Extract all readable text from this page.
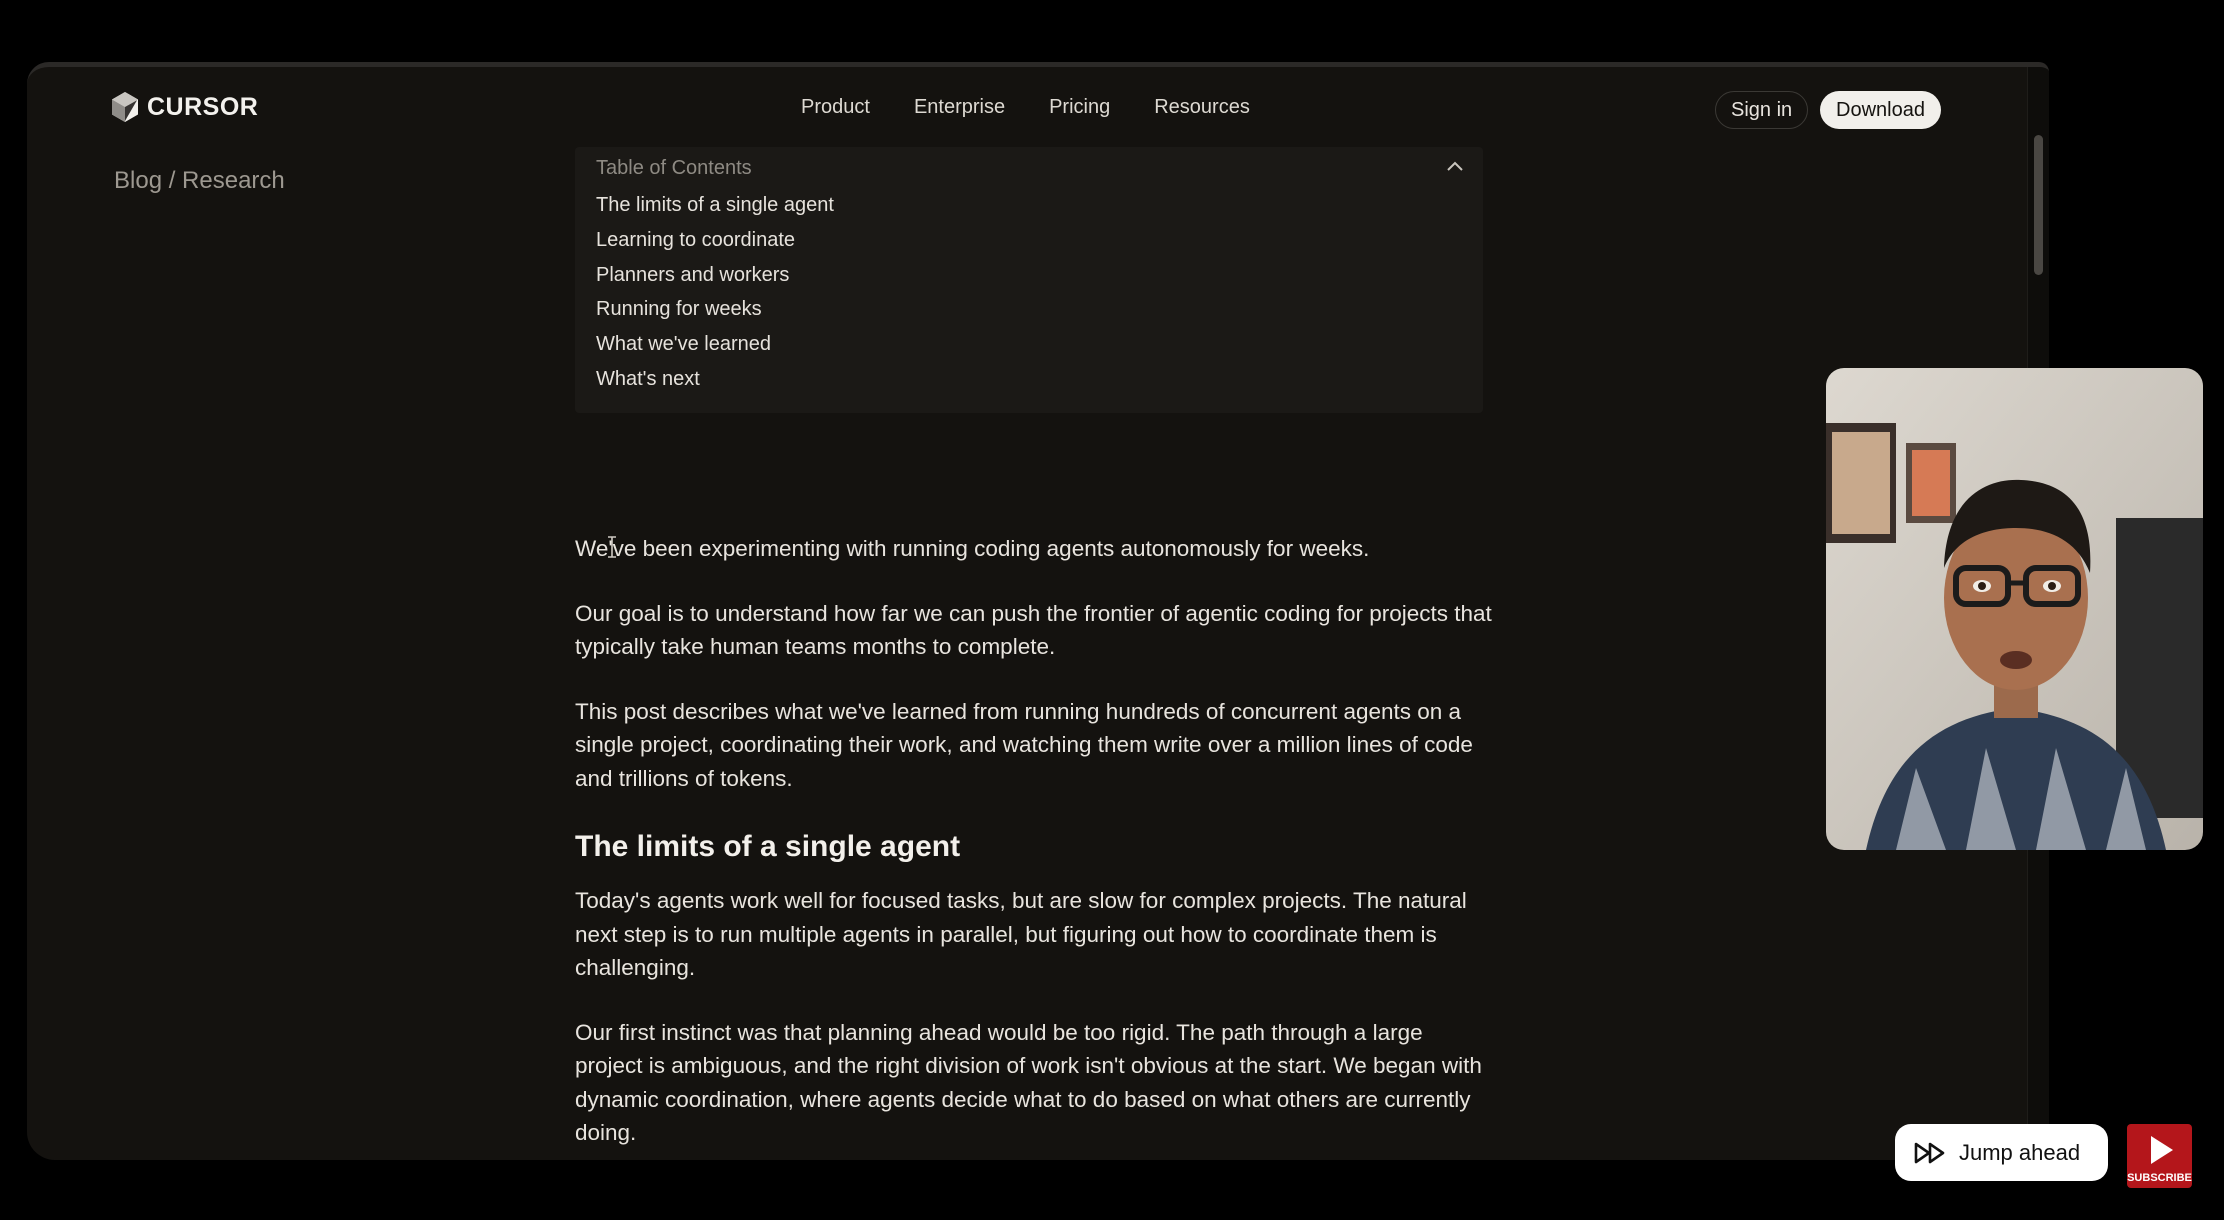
CURSOR	Product Enterprise Pricing Resources	Sign in	Download
Blog / Research	Table of Contents
The limits of a single agent
Learning to coordinate
Planners and workers
Running for weeks
What we've learned
What's next

We've been experimenting with running coding agents autonomously for weeks.

Our goal is to understand how far we can push the frontier of agentic coding for projects that typically take human teams months to complete.

This post describes what we've learned from running hundreds of concurrent agents on a single project, coordinating their work, and watching them write over a million lines of code and trillions of tokens.

The limits of a single agent

Today's agents work well for focused tasks, but are slow for complex projects. The natural next step is to run multiple agents in parallel, but figuring out how to coordinate them is challenging.

Our first instinct was that planning ahead would be too rigid. The path through a large project is ambiguous, and the right division of work isn't obvious at the start. We began with dynamic coordination, where agents decide what to do based on what others are currently doing.

Jump ahead
SUBSCRIBE
